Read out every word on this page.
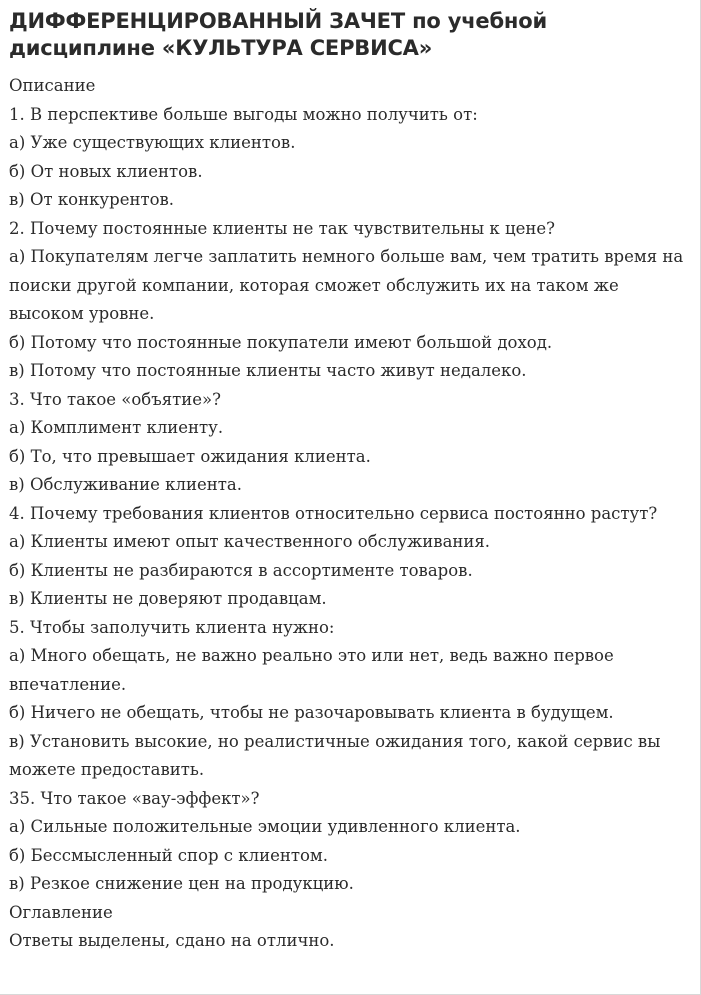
ДИФФЕРЕНЦИРОВАННЫЙ ЗАЧЕТ по учебной дисциплине «КУЛЬТУРА СЕРВИСА»
Описание

1. В перспективе больше выгоды можно получить от:

а) Уже существующих клиентов.

б) От новых клиентов.

в) От конкурентов.

2. Почему постоянные клиенты не так чувствительны к цене?

а) Покупателям легче заплатить немного больше вам, чем тратить время на поиски другой компании, которая сможет обслужить их на таком же высоком уровне.

б) Потому что постоянные покупатели имеют большой доход.

в) Потому что постоянные клиенты часто живут недалеко.

3. Что такое «объятие»?

а) Комплимент клиенту.

б) То, что превышает ожидания клиента.

в) Обслуживание клиента.

4. Почему требования клиентов относительно сервиса постоянно растут?

а) Клиенты имеют опыт качественного обслуживания.

б) Клиенты не разбираются в ассортименте товаров.

в) Клиенты не доверяют продавцам.

5. Чтобы заполучить клиента нужно:

а) Много обещать, не важно реально это или нет, ведь важно первое впечатление.

б) Ничего не обещать, чтобы не разочаровывать клиента в будущем.

в) Установить высокие, но реалистичные ожидания того, какой сервис вы можете предоставить.

35. Что такое «вау-эффект»?

а) Сильные положительные эмоции удивленного клиента.

б) Бессмысленный спор с клиентом.

в) Резкое снижение цен на продукцию.

Оглавление

Ответы выделены, сдано на отлично.
